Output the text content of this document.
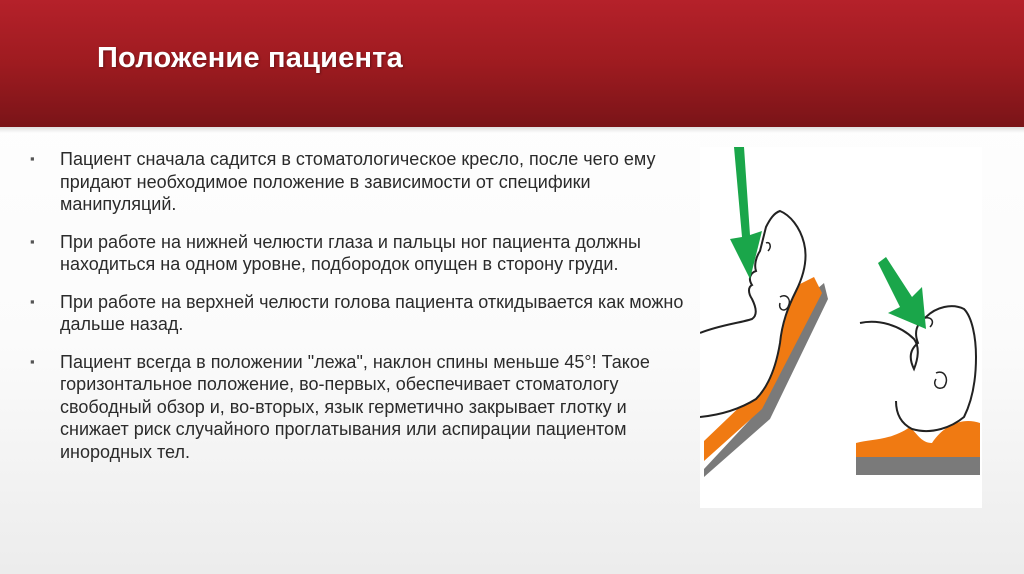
Положение пациента
▪ Пациент сначала садится в стоматологическое кресло, после чего ему придают необходимое положение в зависимости от специфики манипуляций.
▪ При работе на нижней челюсти глаза и пальцы ног пациента должны находиться на одном уровне, подбородок опущен в сторону груди.
▪ При работе на верхней челюсти голова пациента откидывается как можно дальше назад.
▪ Пациент всегда в положении "лежа", наклон спины меньше 45°! Такое горизонтальное положение, во-первых, обеспечивает стоматологу свободный обзор и, во-вторых, язык герметично закрывает глотку и снижает риск случайного проглатывания или аспирации пациентом инородных тел.
